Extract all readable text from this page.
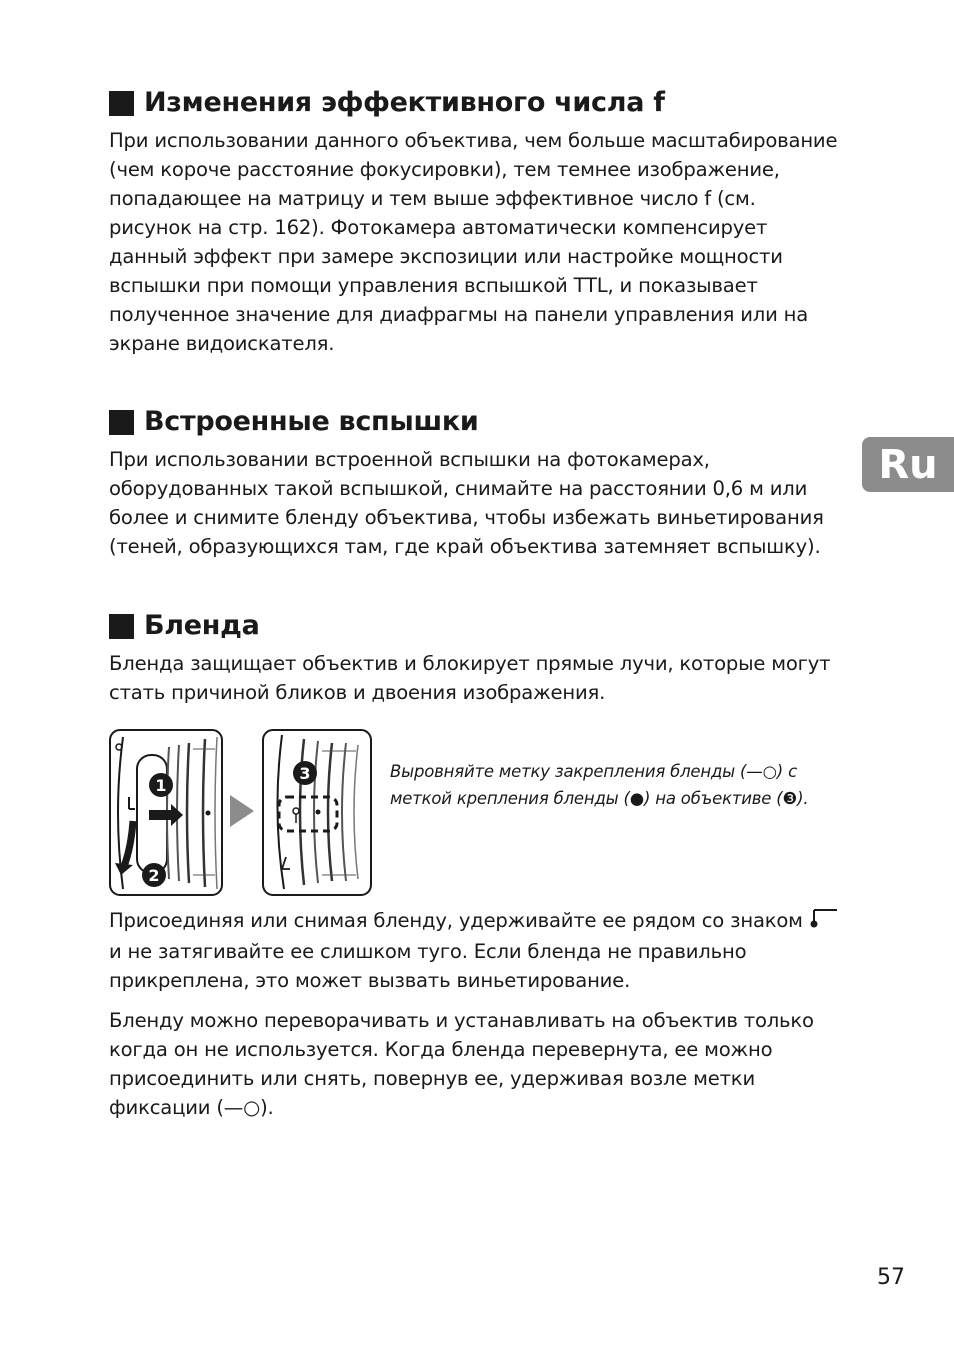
Изменения эффективного числа f

При использовании данного объектива, чем больше масштабирование (чем короче расстояние фокусировки), тем темнее изображение, попадающее на матрицу и тем выше эффективное число f (см. рисунок на стр. 162). Фотокамера автоматически компенсирует данный эффект при замере экспозиции или настройке мощности вспышки при помощи управления вспышкой TTL, и показывает полученное значение для диафрагмы на панели управления или на экране видоискателя.

Встроенные вспышки

При использовании встроенной вспышки на фотокамерах, оборудованных такой вспышкой, снимайте на расстоянии 0,6 м или более и снимите бленду объектива, чтобы избежать виньетирования (теней, образующихся там, где край объектива затемняет вспышку).

Бленда

Бленда защищает объектив и блокирует прямые лучи, которые могут стать причиной бликов и двоения изображения.

1
2
3	Выровняйте метку закрепления бленды (—○) с меткой крепления бленды (●) на объективе (❸).

Присоединяя или снимая бленду, удерживайте ее рядом со знаком  и не затягивайте ее слишком туго. Если бленда не правильно прикреплена, это может вызвать виньетирование.

Бленду можно переворачивать и устанавливать на объектив только когда он не используется. Когда бленда перевернута, ее можно присоединить или снять, повернув ее, удерживая возле метки фиксации (—○).

Ru
57
